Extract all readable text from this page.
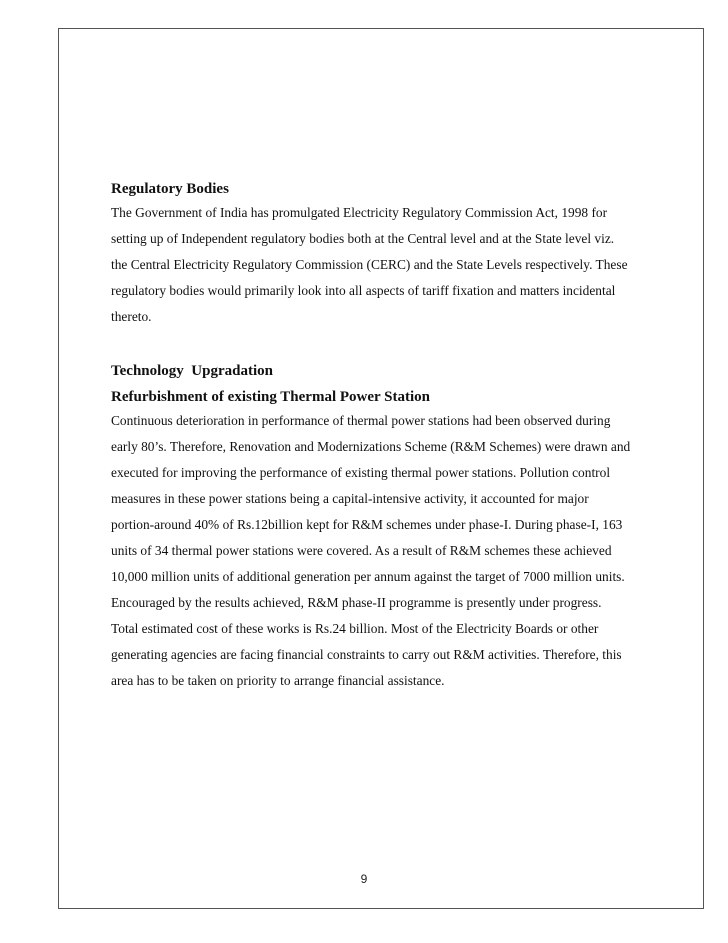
Regulatory Bodies

The Government of India has promulgated Electricity Regulatory Commission Act, 1998 for setting up of Independent regulatory bodies both at the Central level and at the State level viz. the Central Electricity Regulatory Commission (CERC) and the State Levels respectively. These regulatory bodies would primarily look into all aspects of tariff fixation and matters incidental thereto.

Technology  Upgradation
Refurbishment of existing Thermal Power Station

Continuous deterioration in performance of thermal power stations had been observed during early 80’s. Therefore, Renovation and Modernizations Scheme (R&M Schemes) were drawn and executed for improving the performance of existing thermal power stations. Pollution control measures in these power stations being a capital-intensive activity, it accounted for major portion-around 40% of Rs.12billion kept for R&M schemes under phase-I. During phase-I, 163 units of 34 thermal power stations were covered. As a result of R&M schemes these achieved 10,000 million units of additional generation per annum against the target of 7000 million units. Encouraged by the results achieved, R&M phase-II programme is presently under progress. Total estimated cost of these works is Rs.24 billion. Most of the Electricity Boards or other generating agencies are facing financial constraints to carry out R&M activities. Therefore, this area has to be taken on priority to arrange financial assistance.

9
